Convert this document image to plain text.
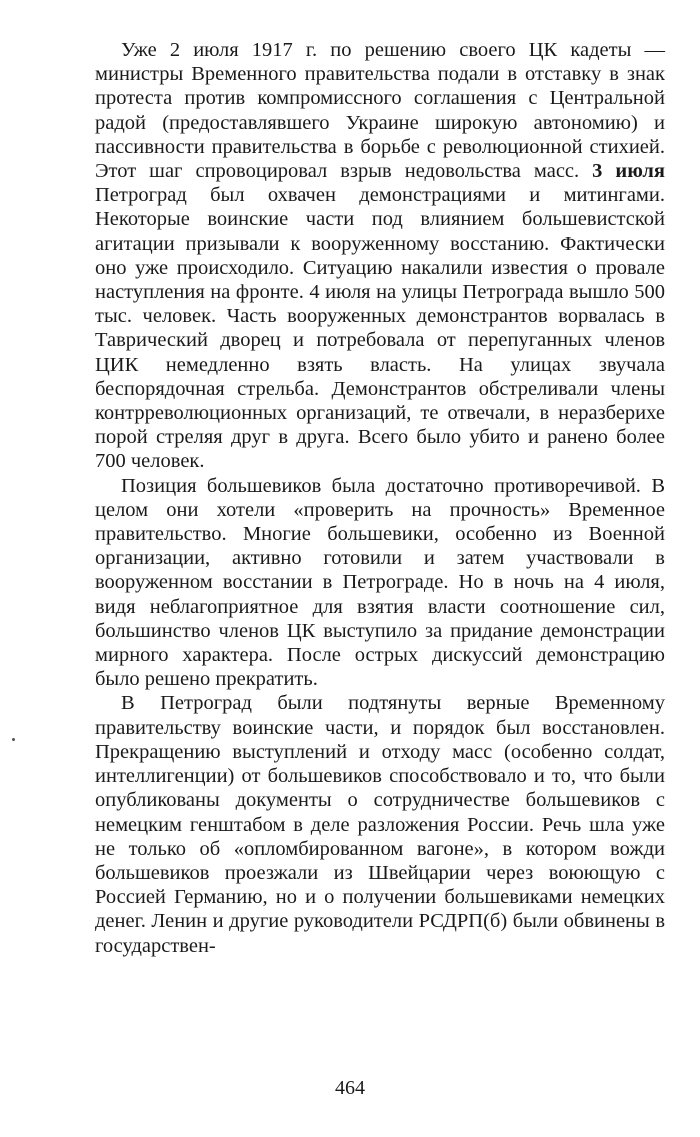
Уже 2 июля 1917 г. по решению своего ЦК кадеты — министры Временного правительства подали в отставку в знак протеста против компромиссного соглашения с Центральной радой (предоставлявшего Украине широкую автономию) и пассивности правительства в борьбе с революционной стихией. Этот шаг спровоцировал взрыв недовольства масс. 3 июля Петроград был охвачен демонстрациями и митингами. Некоторые воинские части под влиянием большевистской агитации призывали к вооруженному восстанию. Фактически оно уже происходило. Ситуацию накалили известия о провале наступления на фронте. 4 июля на улицы Петрограда вышло 500 тыс. человек. Часть вооруженных демонстрантов ворвалась в Таврический дворец и потребовала от перепуганных членов ЦИК немедленно взять власть. На улицах звучала беспорядочная стрельба. Демонстрантов обстреливали члены контрреволюционных организаций, те отвечали, в неразберихе порой стреляя друг в друга. Всего было убито и ранено более 700 человек.

Позиция большевиков была достаточно противоречивой. В целом они хотели «проверить на прочность» Временное правительство. Многие большевики, особенно из Военной организации, активно готовили и затем участвовали в вооруженном восстании в Петрограде. Но в ночь на 4 июля, видя неблагоприятное для взятия власти соотношение сил, большинство членов ЦК выступило за придание демонстрации мирного характера. После острых дискуссий демонстрацию было решено прекратить.

В Петроград были подтянуты верные Временному правительству воинские части, и порядок был восстановлен. Прекращению выступлений и отходу масс (особенно солдат, интеллигенции) от большевиков способствовало и то, что были опубликованы документы о сотрудничестве большевиков с немецким генштабом в деле разложения России. Речь шла уже не только об «опломбированном вагоне», в котором вожди большевиков проезжали из Швейцарии через воюющую с Россией Германию, но и о получении большевиками немецких денег. Ленин и другие руководители РСДРП(б) были обвинены в государствен-

464
